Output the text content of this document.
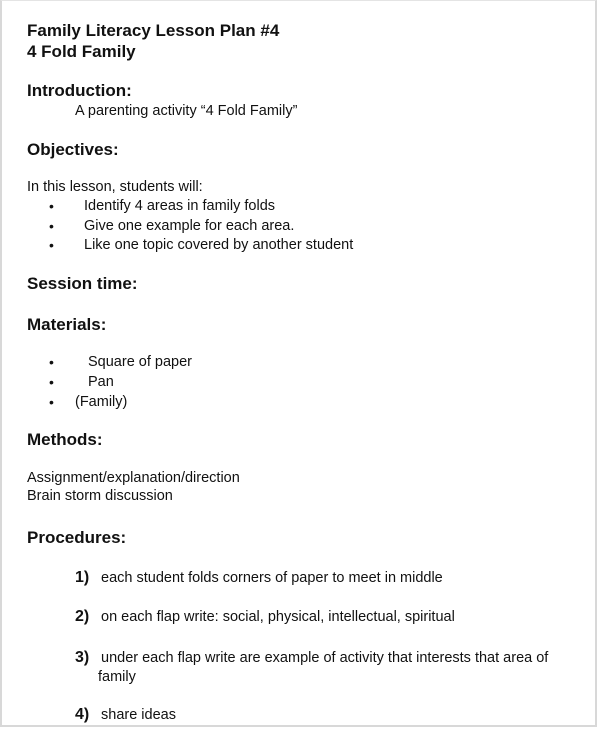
Family Literacy Lesson Plan #4
4 Fold Family
Introduction:
A parenting activity “4 Fold Family”
Objectives:
In this lesson, students will:
• Identify 4 areas in family folds
• Give one example for each area.
• Like one topic covered by another student
Session time:
Materials:
• Square of paper
• Pan
• (Family)
Methods:
Assignment/explanation/direction
Brain storm discussion
Procedures:
1) each student folds corners of paper to meet in middle
2) on each flap write: social, physical, intellectual, spiritual
3) under each flap write are example of activity that interests that area of
family
4) share ideas
